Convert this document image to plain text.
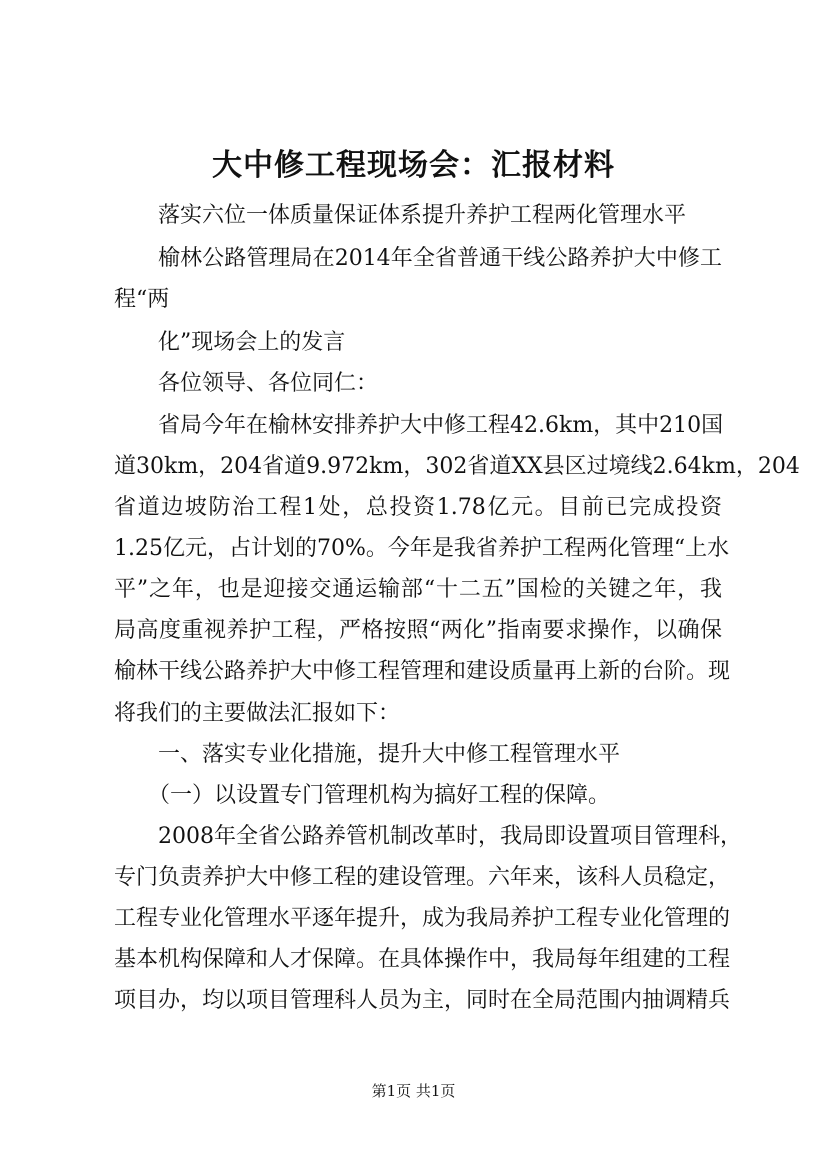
大中修工程现场会：汇报材料
落实六位一体质量保证体系提升养护工程两化管理水平
榆林公路管理局在2014年全省普通干线公路养护大中修工
程“两
化”现场会上的发言
各位领导、各位同仁：
省局今年在榆林安排养护大中修工程42.6km，其中210国
道30km，204省道9.972km，302省道XX县区过境线2.64km，204
省道边坡防治工程1处，总投资1.78亿元。目前已完成投资
1.25亿元，占计划的70%。今年是我省养护工程两化管理“上水
平”之年，也是迎接交通运输部“十二五”国检的关键之年，我
局高度重视养护工程，严格按照“两化”指南要求操作，以确保
榆林干线公路养护大中修工程管理和建设质量再上新的台阶。现
将我们的主要做法汇报如下：
一、落实专业化措施，提升大中修工程管理水平
（一）以设置专门管理机构为搞好工程的保障。
2008年全省公路养管机制改革时，我局即设置项目管理科，
专门负责养护大中修工程的建设管理。六年来，该科人员稳定，
工程专业化管理水平逐年提升，成为我局养护工程专业化管理的
基本机构保障和人才保障。在具体操作中，我局每年组建的工程
项目办，均以项目管理科人员为主，同时在全局范围内抽调精兵
第1页 共1页
